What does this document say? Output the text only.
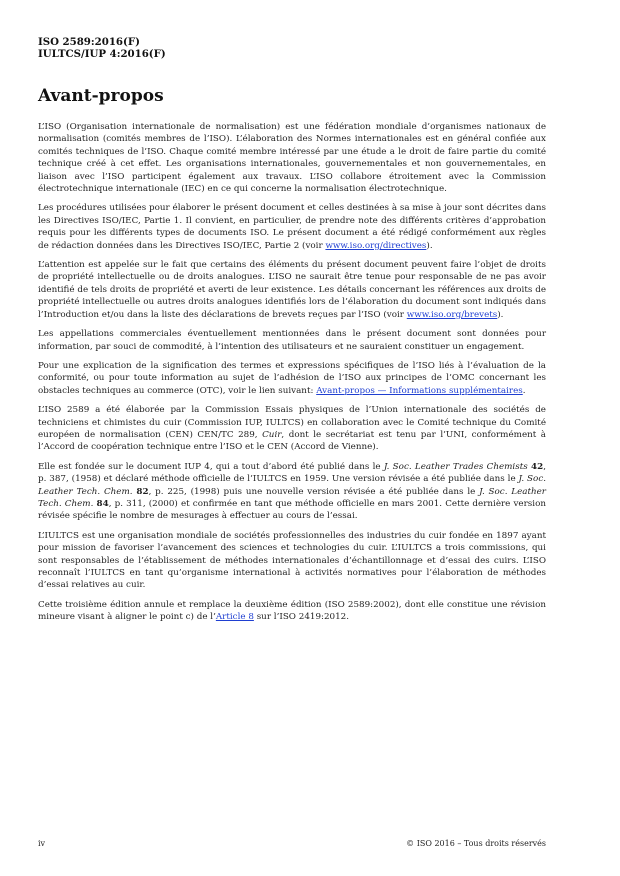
ISO 2589:2016(F)
IULTCS/IUP 4:2016(F)
Avant-propos

L’ISO (Organisation internationale de normalisation) est une fédération mondiale d’organismes nationaux de normalisation (comités membres de l’ISO). L’élaboration des Normes internationales est en général confiée aux comités techniques de l’ISO. Chaque comité membre intéressé par une étude a le droit de faire partie du comité technique créé à cet effet. Les organisations internationales, gouvernementales et non gouvernementales, en liaison avec l’ISO participent également aux travaux. L’ISO collabore étroitement avec la Commission électrotechnique internationale (IEC) en ce qui concerne la normalisation électrotechnique.

Les procédures utilisées pour élaborer le présent document et celles destinées à sa mise à jour sont décrites dans les Directives ISO/IEC, Partie 1. Il convient, en particulier, de prendre note des différents critères d’approbation requis pour les différents types de documents ISO. Le présent document a été rédigé conformément aux règles de rédaction données dans les Directives ISO/IEC, Partie 2 (voir www.iso.org/directives).

L’attention est appelée sur le fait que certains des éléments du présent document peuvent faire l’objet de droits de propriété intellectuelle ou de droits analogues. L’ISO ne saurait être tenue pour responsable de ne pas avoir identifié de tels droits de propriété et averti de leur existence. Les détails concernant les références aux droits de propriété intellectuelle ou autres droits analogues identifiés lors de l’élaboration du document sont indiqués dans l’Introduction et/ou dans la liste des déclarations de brevets reçues par l’ISO (voir www.iso.org/brevets).

Les appellations commerciales éventuellement mentionnées dans le présent document sont données pour information, par souci de commodité, à l’intention des utilisateurs et ne sauraient constituer un engagement.

Pour une explication de la signification des termes et expressions spécifiques de l’ISO liés à l’évaluation de la conformité, ou pour toute information au sujet de l’adhésion de l’ISO aux principes de l’OMC concernant les obstacles techniques au commerce (OTC), voir le lien suivant: Avant-propos — Informations supplémentaires.

L’ISO 2589 a été élaborée par la Commission Essais physiques de l’Union internationale des sociétés de techniciens et chimistes du cuir (Commission IUP, IULTCS) en collaboration avec le Comité technique du Comité européen de normalisation (CEN) CEN/TC 289, Cuir, dont le secrétariat est tenu par l’UNI, conformément à l’Accord de coopération technique entre l’ISO et le CEN (Accord de Vienne).

Elle est fondée sur le document IUP 4, qui a tout d’abord été publié dans le J. Soc. Leather Trades Chemists 42, p. 387, (1958) et déclaré méthode officielle de l’IULTCS en 1959. Une version révisée a été publiée dans le J. Soc. Leather Tech. Chem. 82, p. 225, (1998) puis une nouvelle version révisée a été publiée dans le J. Soc. Leather Tech. Chem. 84, p. 311, (2000) et confirmée en tant que méthode officielle en mars 2001. Cette dernière version révisée spécifie le nombre de mesurages à effectuer au cours de l’essai.

L’IULTCS est une organisation mondiale de sociétés professionnelles des industries du cuir fondée en 1897 ayant pour mission de favoriser l’avancement des sciences et technologies du cuir. L’IULTCS a trois commissions, qui sont responsables de l’établissement de méthodes internationales d’échantillonnage et d’essai des cuirs. L’ISO reconnaît l’IULTCS en tant qu’organisme international à activités normatives pour l’élaboration de méthodes d’essai relatives au cuir.

Cette troisième édition annule et remplace la deuxième édition (ISO 2589:2002), dont elle constitue une révision mineure visant à aligner le point c) de l’Article 8 sur l’ISO 2419:2012.

iv	© ISO 2016 – Tous droits réservés
